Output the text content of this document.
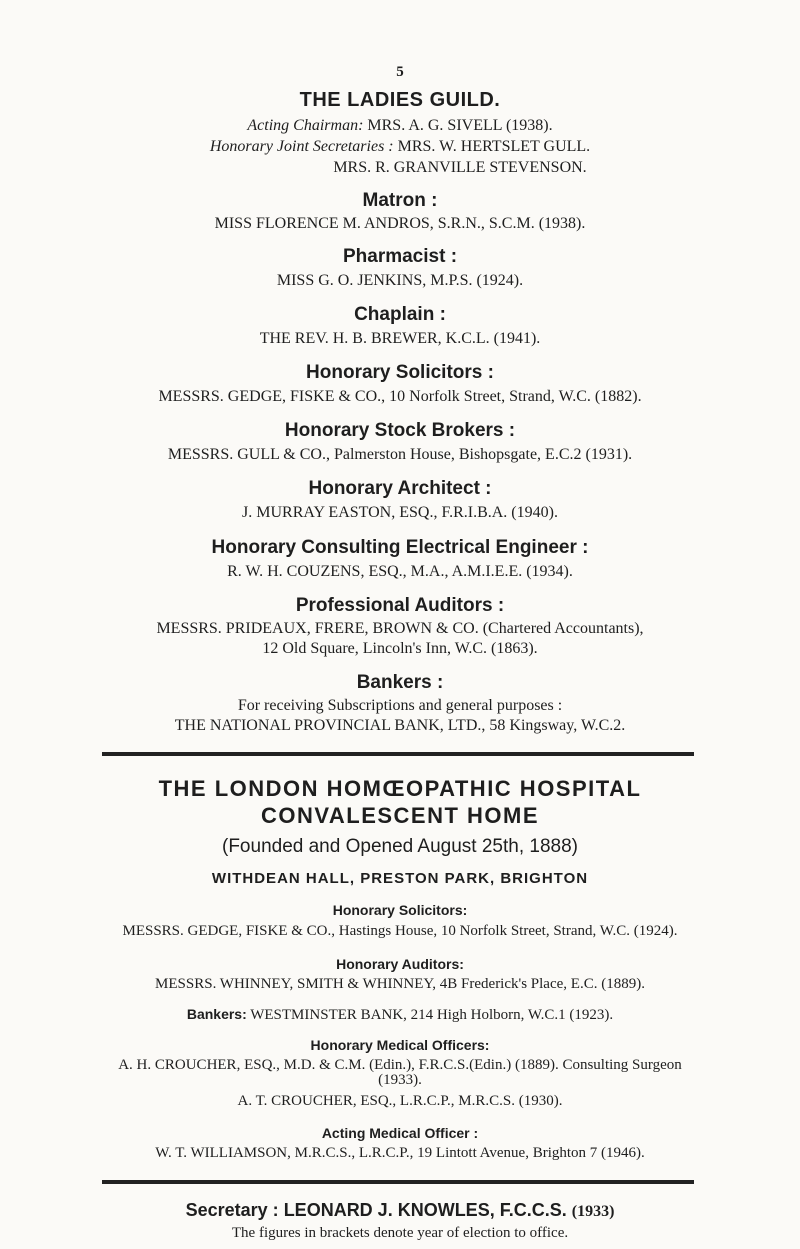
5
THE LADIES GUILD.
Acting Chairman: MRS. A. G. SIVELL (1938).
Honorary Joint Secretaries : MRS. W. HERTSLET GULL.
MRS. R. GRANVILLE STEVENSON.
Matron :
MISS FLORENCE M. ANDROS, S.R.N., S.C.M. (1938).
Pharmacist :
MISS G. O. JENKINS, M.P.S. (1924).
Chaplain :
THE REV. H. B. BREWER, K.C.L. (1941).
Honorary Solicitors :
MESSRS. GEDGE, FISKE & CO., 10 Norfolk Street, Strand, W.C. (1882).
Honorary Stock Brokers :
MESSRS. GULL & CO., Palmerston House, Bishopsgate, E.C.2 (1931).
Honorary Architect :
J. MURRAY EASTON, ESQ., F.R.I.B.A. (1940).
Honorary Consulting Electrical Engineer :
R. W. H. COUZENS, ESQ., M.A., A.M.I.E.E. (1934).
Professional Auditors :
MESSRS. PRIDEAUX, FRERE, BROWN & CO. (Chartered Accountants),
12 Old Square, Lincoln's Inn, W.C. (1863).
Bankers :
For receiving Subscriptions and general purposes :
THE NATIONAL PROVINCIAL BANK, LTD., 58 Kingsway, W.C.2.
THE LONDON HOMŒOPATHIC HOSPITAL
CONVALESCENT HOME
(Founded and Opened August 25th, 1888)
WITHDEAN HALL, PRESTON PARK, BRIGHTON
Honorary Solicitors:
MESSRS. GEDGE, FISKE & CO., Hastings House, 10 Norfolk Street, Strand, W.C. (1924).
Honorary Auditors:
MESSRS. WHINNEY, SMITH & WHINNEY, 4B Frederick's Place, E.C. (1889).
Bankers: WESTMINSTER BANK, 214 High Holborn, W.C.1 (1923).
Honorary Medical Officers:
A. H. CROUCHER, ESQ., M.D. & C.M. (Edin.), F.R.C.S.(Edin.) (1889). Consulting Surgeon
(1933).
A. T. CROUCHER, ESQ., L.R.C.P., M.R.C.S. (1930).
Acting Medical Officer :
W. T. WILLIAMSON, M.R.C.S., L.R.C.P., 19 Lintott Avenue, Brighton 7 (1946).
Secretary : LEONARD J. KNOWLES, F.C.C.S. (1933)
The figures in brackets denote year of election to office.
